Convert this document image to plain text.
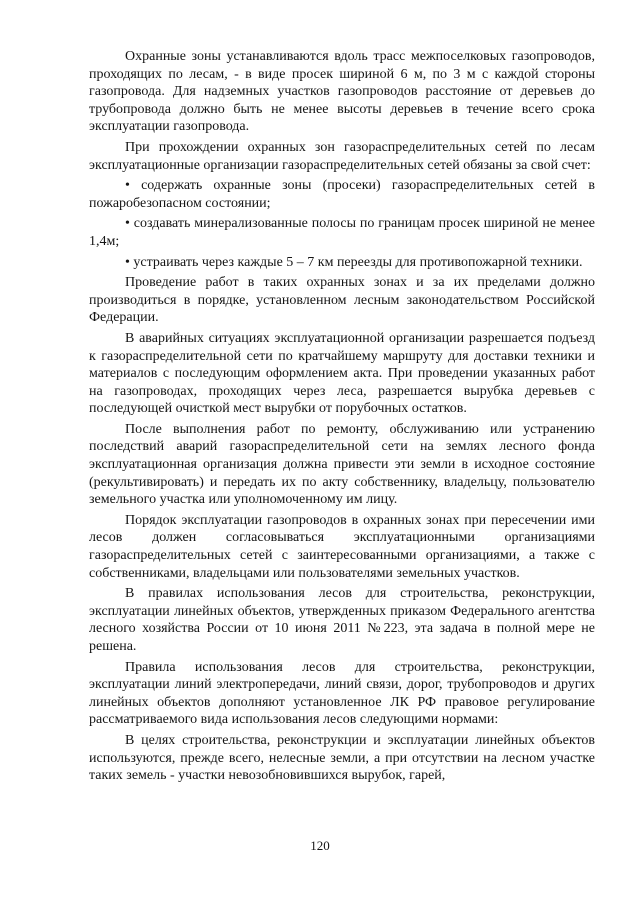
Охранные зоны устанавливаются вдоль трасс межпоселковых газопроводов, проходящих по лесам, - в виде просек шириной 6 м, по 3 м с каждой стороны газопровода. Для надземных участков газопроводов расстояние от деревьев до трубопровода должно быть не менее высоты деревьев в течение всего срока эксплуатации газопровода.

При прохождении охранных зон газораспределительных сетей по лесам эксплуатационные организации газораспределительных сетей обязаны за свой счет:

• содержать охранные зоны (просеки) газораспределительных сетей в пожаробезопасном состоянии;

• создавать минерализованные полосы по границам просек шириной не менее 1,4м;

• устраивать через каждые 5 – 7 км переезды для противопожарной техники.

Проведение работ в таких охранных зонах и за их пределами должно производиться в порядке, установленном лесным законодательством Российской Федерации.

В аварийных ситуациях эксплуатационной организации разрешается подъезд к газораспределительной сети по кратчайшему маршруту для доставки техники и материалов с последующим оформлением акта. При проведении указанных работ на газопроводах, проходящих через леса, разрешается вырубка деревьев с последующей очисткой мест вырубки от порубочных остатков.

После выполнения работ по ремонту, обслуживанию или устранению последствий аварий газораспределительной сети на землях лесного фонда эксплуатационная организация должна привести эти земли в исходное состояние (рекультивировать) и передать их по акту собственнику, владельцу, пользователю земельного участка или уполномоченному им лицу.

Порядок эксплуатации газопроводов в охранных зонах при пересечении ими лесов должен согласовываться эксплуатационными организациями газораспределительных сетей с заинтересованными организациями, а также с собственниками, владельцами или пользователями земельных участков.

В правилах использования лесов для строительства, реконструкции, эксплуатации линейных объектов, утвержденных приказом Федерального агентства лесного хозяйства России от 10 июня 2011 №223, эта задача в полной мере не решена.

Правила использования лесов для строительства, реконструкции, эксплуатации линий электропередачи, линий связи, дорог, трубопроводов и других линейных объектов дополняют установленное ЛК РФ правовое регулирование рассматриваемого вида использования лесов следующими нормами:

В целях строительства, реконструкции и эксплуатации линейных объектов используются, прежде всего, нелесные земли, а при отсутствии на лесном участке таких земель - участки невозобновившихся вырубок, гарей,

120
